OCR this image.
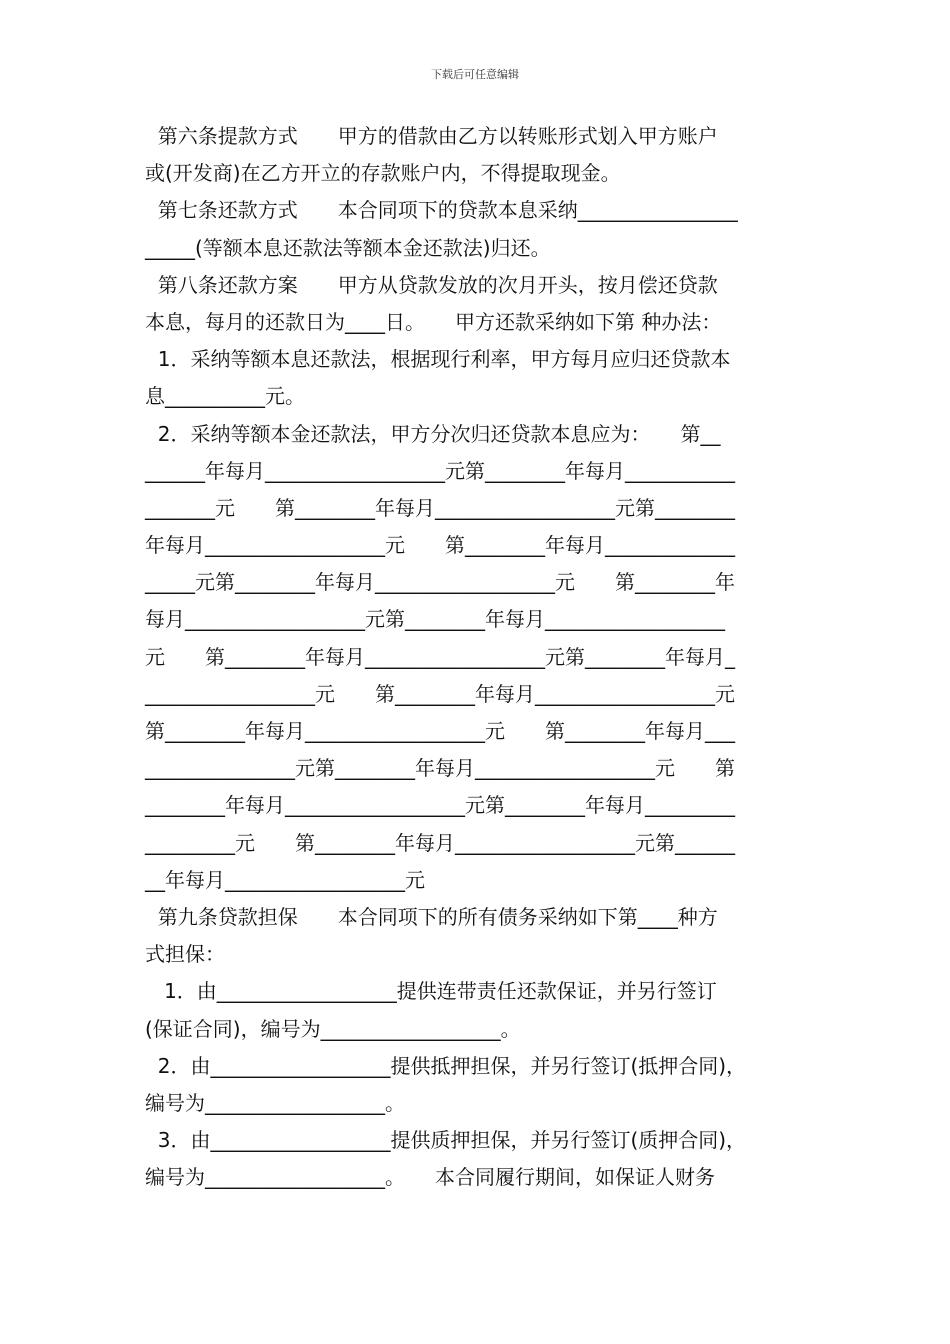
下载后可任意编辑
第六条提款方式　　甲方的借款由乙方以转账形式划入甲方账户
或(开发商)在乙方开立的存款账户内，不得提取现金。
第七条还款方式　　本合同项下的贷款本息采纳________________
_____(等额本息还款法等额本金还款法)归还。
第八条还款方案　　甲方从贷款发放的次月开头，按月偿还贷款
本息，每月的还款日为____日。　　甲方还款采纳如下第 种办法：
1．采纳等额本息还款法，根据现行利率，甲方每月应归还贷款本
息__________元。
2．采纳等额本金还款法，甲方分次归还贷款本息应为：　　第__
______年每月__________________元第________年每月___________
_______元　　第________年每月__________________元第________
年每月__________________元　　第________年每月_____________
_____元第________年每月__________________元　　第________年
每月__________________元第________年每月__________________
元　　第________年每月__________________元第________年每月_
_________________元　　第________年每月__________________元
第________年每月__________________元　　第________年每月___
_______________元第________年每月__________________元　　第
________年每月__________________元第________年每月_________
_________元　　第________年每月__________________元第______
__年每月__________________元
第九条贷款担保　　本合同项下的所有债务采纳如下第____种方
式担保：
1．由__________________提供连带责任还款保证，并另行签订
(保证合同)，编号为__________________。
2．由__________________提供抵押担保，并另行签订(抵押合同)，
编号为__________________。
3．由__________________提供质押担保，并另行签订(质押合同)，
编号为__________________。　　本合同履行期间，如保证人财务
